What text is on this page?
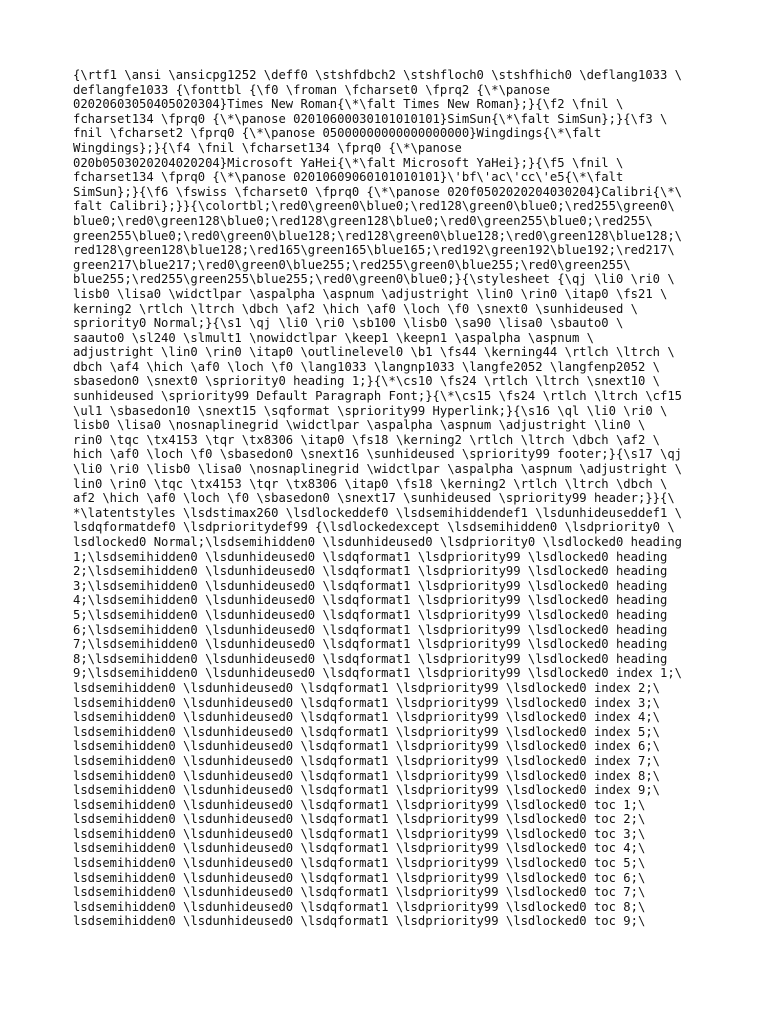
{\rtf1 \ansi \ansicpg1252 \deff0 \stshfdbch2 \stshfloch0 \stshfhich0 \deflang1033 \
deflangfe1033 {\fonttbl {\f0 \froman \fcharset0 \fprq2 {\*\panose
02020603050405020304}Times New Roman{\*\falt Times New Roman};}{\f2 \fnil \
fcharset134 \fprq0 {\*\panose 02010600030101010101}SimSun{\*\falt SimSun};}{\f3 \
fnil \fcharset2 \fprq0 {\*\panose 05000000000000000000}Wingdings{\*\falt
Wingdings};}{\f4 \fnil \fcharset134 \fprq0 {\*\panose
020b0503020204020204}Microsoft YaHei{\*\falt Microsoft YaHei};}{\f5 \fnil \
fcharset134 \fprq0 {\*\panose 02010609060101010101}\'bf\'ac\'cc\'e5{\*\falt
SimSun};}{\f6 \fswiss \fcharset0 \fprq0 {\*\panose 020f0502020204030204}Calibri{\*\
falt Calibri};}}{\colortbl;\red0\green0\blue0;\red128\green0\blue0;\red255\green0\
blue0;\red0\green128\blue0;\red128\green128\blue0;\red0\green255\blue0;\red255\
green255\blue0;\red0\green0\blue128;\red128\green0\blue128;\red0\green128\blue128;\
red128\green128\blue128;\red165\green165\blue165;\red192\green192\blue192;\red217\
green217\blue217;\red0\green0\blue255;\red255\green0\blue255;\red0\green255\
blue255;\red255\green255\blue255;\red0\green0\blue0;}{\stylesheet {\qj \li0 \ri0 \
lisb0 \lisa0 \widctlpar \aspalpha \aspnum \adjustright \lin0 \rin0 \itap0 \fs21 \
kerning2 \rtlch \ltrch \dbch \af2 \hich \af0 \loch \f0 \snext0 \sunhideused \
spriority0 Normal;}{\s1 \qj \li0 \ri0 \sb100 \lisb0 \sa90 \lisa0 \sbauto0 \
saauto0 \sl240 \slmult1 \nowidctlpar \keep1 \keepn1 \aspalpha \aspnum \
adjustright \lin0 \rin0 \itap0 \outlinelevel0 \b1 \fs44 \kerning44 \rtlch \ltrch \
dbch \af4 \hich \af0 \loch \f0 \lang1033 \langnp1033 \langfe2052 \langfenp2052 \
sbasedon0 \snext0 \spriority0 heading 1;}{\*\cs10 \fs24 \rtlch \ltrch \snext10 \
sunhideused \spriority99 Default Paragraph Font;}{\*\cs15 \fs24 \rtlch \ltrch \cf15
\ul1 \sbasedon10 \snext15 \sqformat \spriority99 Hyperlink;}{\s16 \ql \li0 \ri0 \
lisb0 \lisa0 \nosnaplinegrid \widctlpar \aspalpha \aspnum \adjustright \lin0 \
rin0 \tqc \tx4153 \tqr \tx8306 \itap0 \fs18 \kerning2 \rtlch \ltrch \dbch \af2 \
hich \af0 \loch \f0 \sbasedon0 \snext16 \sunhideused \spriority99 footer;}{\s17 \qj
\li0 \ri0 \lisb0 \lisa0 \nosnaplinegrid \widctlpar \aspalpha \aspnum \adjustright \
lin0 \rin0 \tqc \tx4153 \tqr \tx8306 \itap0 \fs18 \kerning2 \rtlch \ltrch \dbch \
af2 \hich \af0 \loch \f0 \sbasedon0 \snext17 \sunhideused \spriority99 header;}}{\
*\latentstyles \lsdstimax260 \lsdlockeddef0 \lsdsemihiddendef1 \lsdunhideuseddef1 \
lsdqformatdef0 \lsdprioritydef99 {\lsdlockedexcept \lsdsemihidden0 \lsdpriority0 \
lsdlocked0 Normal;\lsdsemihidden0 \lsdunhideused0 \lsdpriority0 \lsdlocked0 heading
1;\lsdsemihidden0 \lsdunhideused0 \lsdqformat1 \lsdpriority99 \lsdlocked0 heading
2;\lsdsemihidden0 \lsdunhideused0 \lsdqformat1 \lsdpriority99 \lsdlocked0 heading
3;\lsdsemihidden0 \lsdunhideused0 \lsdqformat1 \lsdpriority99 \lsdlocked0 heading
4;\lsdsemihidden0 \lsdunhideused0 \lsdqformat1 \lsdpriority99 \lsdlocked0 heading
5;\lsdsemihidden0 \lsdunhideused0 \lsdqformat1 \lsdpriority99 \lsdlocked0 heading
6;\lsdsemihidden0 \lsdunhideused0 \lsdqformat1 \lsdpriority99 \lsdlocked0 heading
7;\lsdsemihidden0 \lsdunhideused0 \lsdqformat1 \lsdpriority99 \lsdlocked0 heading
8;\lsdsemihidden0 \lsdunhideused0 \lsdqformat1 \lsdpriority99 \lsdlocked0 heading
9;\lsdsemihidden0 \lsdunhideused0 \lsdqformat1 \lsdpriority99 \lsdlocked0 index 1;\
lsdsemihidden0 \lsdunhideused0 \lsdqformat1 \lsdpriority99 \lsdlocked0 index 2;\
lsdsemihidden0 \lsdunhideused0 \lsdqformat1 \lsdpriority99 \lsdlocked0 index 3;\
lsdsemihidden0 \lsdunhideused0 \lsdqformat1 \lsdpriority99 \lsdlocked0 index 4;\
lsdsemihidden0 \lsdunhideused0 \lsdqformat1 \lsdpriority99 \lsdlocked0 index 5;\
lsdsemihidden0 \lsdunhideused0 \lsdqformat1 \lsdpriority99 \lsdlocked0 index 6;\
lsdsemihidden0 \lsdunhideused0 \lsdqformat1 \lsdpriority99 \lsdlocked0 index 7;\
lsdsemihidden0 \lsdunhideused0 \lsdqformat1 \lsdpriority99 \lsdlocked0 index 8;\
lsdsemihidden0 \lsdunhideused0 \lsdqformat1 \lsdpriority99 \lsdlocked0 index 9;\
lsdsemihidden0 \lsdunhideused0 \lsdqformat1 \lsdpriority99 \lsdlocked0 toc 1;\
lsdsemihidden0 \lsdunhideused0 \lsdqformat1 \lsdpriority99 \lsdlocked0 toc 2;\
lsdsemihidden0 \lsdunhideused0 \lsdqformat1 \lsdpriority99 \lsdlocked0 toc 3;\
lsdsemihidden0 \lsdunhideused0 \lsdqformat1 \lsdpriority99 \lsdlocked0 toc 4;\
lsdsemihidden0 \lsdunhideused0 \lsdqformat1 \lsdpriority99 \lsdlocked0 toc 5;\
lsdsemihidden0 \lsdunhideused0 \lsdqformat1 \lsdpriority99 \lsdlocked0 toc 6;\
lsdsemihidden0 \lsdunhideused0 \lsdqformat1 \lsdpriority99 \lsdlocked0 toc 7;\
lsdsemihidden0 \lsdunhideused0 \lsdqformat1 \lsdpriority99 \lsdlocked0 toc 8;\
lsdsemihidden0 \lsdunhideused0 \lsdqformat1 \lsdpriority99 \lsdlocked0 toc 9;\
